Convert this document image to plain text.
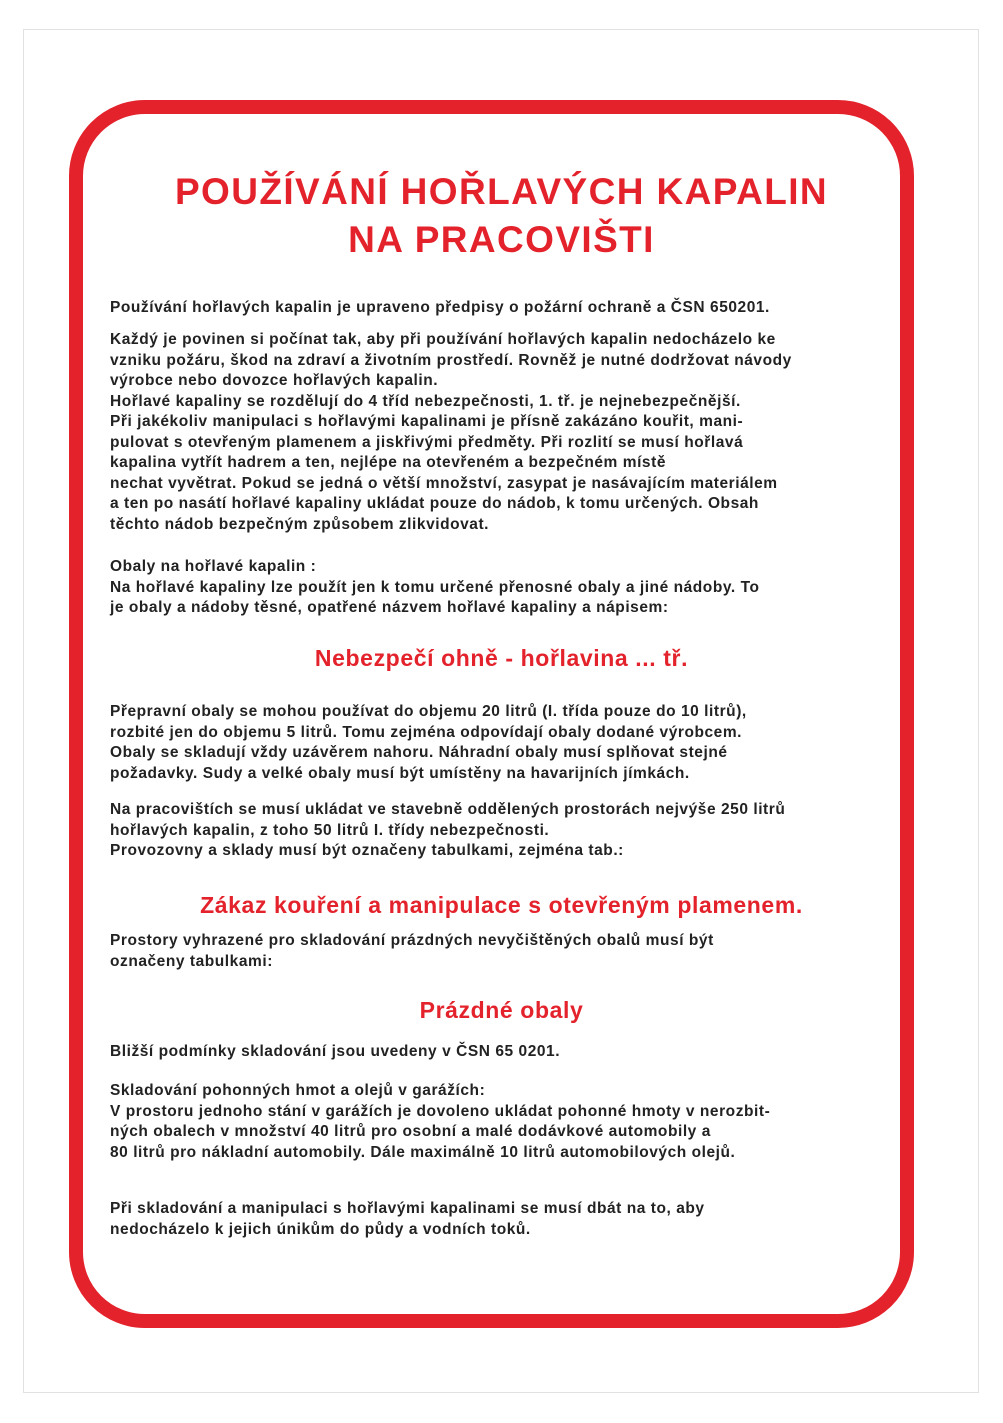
POUŽÍVÁNÍ HOŘLAVÝCH KAPALIN
NA PRACOVIŠTI

Používání hořlavých kapalin je upraveno předpisy o požární ochraně a ČSN 650201.

Každý je povinen si počínat tak, aby při používání hořlavých kapalin nedocházelo ke
vzniku požáru, škod na zdraví a životním prostředí. Rovněž je nutné dodržovat návody
výrobce nebo dovozce hořlavých kapalin.
Hořlavé kapaliny se rozdělují do 4 tříd nebezpečnosti, 1. tř. je nejnebezpečnější.
Při jakékoliv manipulaci s hořlavými kapalinami je přísně zakázáno kouřit, mani-
pulovat s otevřeným plamenem a jiskřivými předměty. Při rozlití se musí hořlavá
kapalina vytřít hadrem a ten, nejlépe na otevřeném a bezpečném místě
nechat vyvětrat. Pokud se jedná o větší množství, zasypat je nasávajícím materiálem
a ten po nasátí hořlavé kapaliny ukládat pouze do nádob, k tomu určených. Obsah
těchto nádob bezpečným způsobem zlikvidovat.

Obaly na hořlavé kapalin :
Na hořlavé kapaliny lze použít jen k tomu určené přenosné obaly a jiné nádoby. To
je obaly a nádoby těsné, opatřené názvem hořlavé kapaliny a nápisem:

Nebezpečí ohně - hořlavina ... tř.

Přepravní obaly se mohou používat do objemu 20 litrů (I. třída pouze do 10 litrů),
rozbité jen do objemu 5 litrů. Tomu zejména odpovídají obaly dodané výrobcem.
Obaly se skladují vždy uzávěrem nahoru. Náhradní obaly musí splňovat stejné
požadavky. Sudy a velké obaly musí být umístěny na havarijních jímkách.

Na pracovištích se musí ukládat ve stavebně oddělených prostorách nejvýše 250 litrů
hořlavých kapalin, z toho 50 litrů I. třídy nebezpečnosti.
Provozovny a sklady musí být označeny tabulkami, zejména tab.:

Zákaz kouření a manipulace s otevřeným plamenem.

Prostory vyhrazené pro skladování prázdných nevyčištěných obalů musí být
označeny tabulkami:

Prázdné obaly

Bližší podmínky skladování jsou uvedeny v ČSN 65 0201.

Skladování pohonných hmot a olejů v garážích:
V prostoru jednoho stání v garážích je dovoleno ukládat pohonné hmoty v nerozbit-
ných obalech v množství 40 litrů pro osobní a malé dodávkové automobily a
80 litrů pro nákladní automobily. Dále maximálně 10 litrů automobilových olejů.

Při skladování a manipulaci s hořlavými kapalinami se musí dbát na to, aby
nedocházelo k jejich únikům do půdy a vodních toků.
